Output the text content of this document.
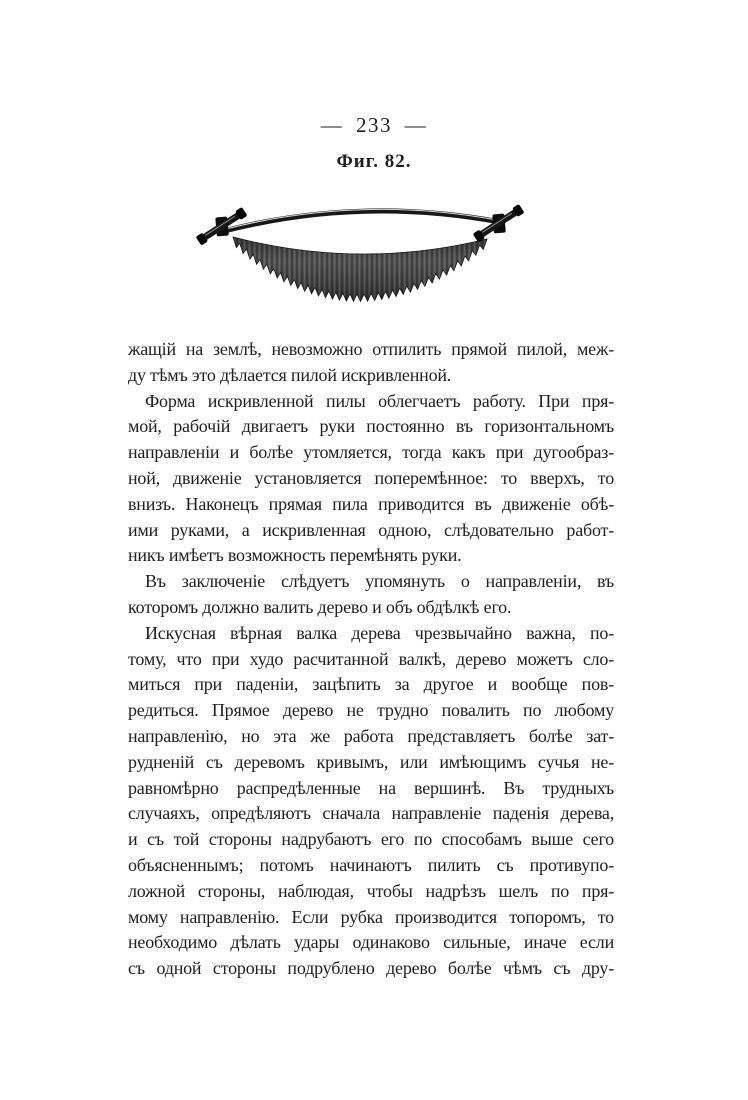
— 233 —
Фиг. 82.
жащій на землѣ, невозможно отпилить прямой пилой, меж-
ду тѣмъ это дѣлается пилой искривленной.
Форма искривленной пилы облегчаетъ работу. При пря-
мой, рабочій двигаетъ руки постоянно въ горизонтальномъ
направленіи и болѣе утомляется, тогда какъ при дугообраз-
ной, движеніе установляется поперемѣнное: то вверхъ, то
внизъ. Наконецъ прямая пила приводится въ движеніе обѣ-
ими руками, а искривленная одною, слѣдовательно работ-
никъ имѣетъ возможность перемѣнять руки.
Въ заключеніе слѣдуетъ упомянуть о направленіи, въ
которомъ должно валить дерево и объ обдѣлкѣ его.
Искусная вѣрная валка дерева чрезвычайно важна, по-
тому, что при худо расчитанной валкѣ, дерево можетъ сло-
миться при паденіи, зацѣпить за другое и вообще пов-
редиться. Прямое дерево не трудно повалить по любому
направленію, но эта же работа представляетъ болѣе зат-
рудненій съ деревомъ кривымъ, или имѣющимъ сучья не-
равномѣрно распредѣленные на вершинѣ. Въ трудныхъ
случаяхъ, опредѣляютъ сначала направленіе паденія дерева,
и съ той стороны надрубаютъ его по способамъ выше сего
объясненнымъ; потомъ начинаютъ пилить съ противупо-
ложной стороны, наблюдая, чтобы надрѣзъ шелъ по пря-
мому направленію. Если рубка производится топоромъ, то
необходимо дѣлать удары одинаково сильные, иначе если
съ одной стороны подрублено дерево болѣе чѣмъ съ дру-
